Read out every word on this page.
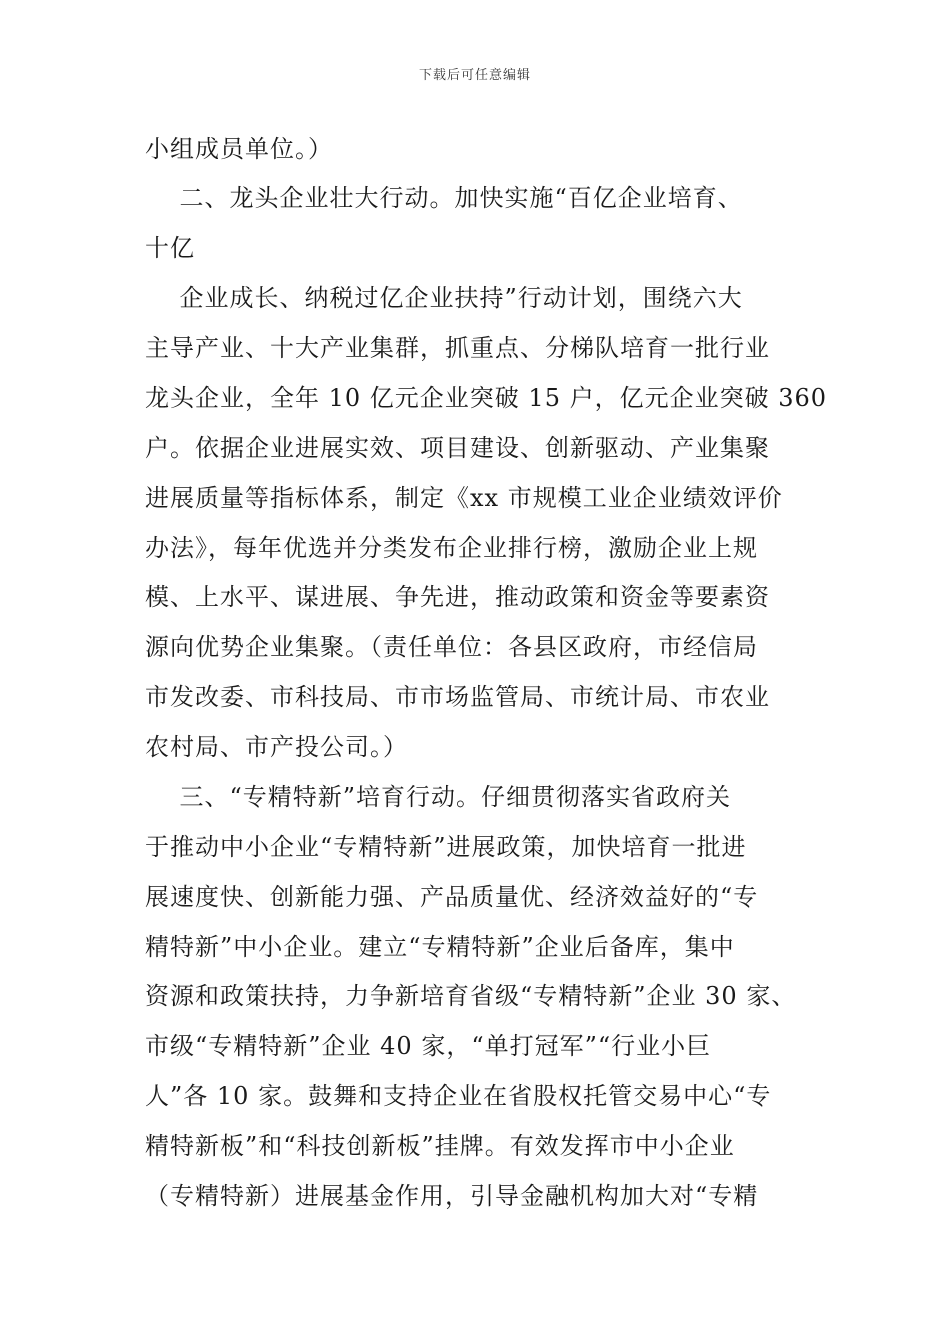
下载后可任意编辑
小组成员单位。）
二、龙头企业壮大行动。加快实施“百亿企业培育、
十亿
企业成长、纳税过亿企业扶持”行动计划，围绕六大
主导产业、十大产业集群，抓重点、分梯队培育一批行业
龙头企业，全年 10 亿元企业突破 15 户，亿元企业突破 360
户。依据企业进展实效、项目建设、创新驱动、产业集聚
进展质量等指标体系，制定《xx 市规模工业企业绩效评价
办法》，每年优选并分类发布企业排行榜，激励企业上规
模、上水平、谋进展、争先进，推动政策和资金等要素资
源向优势企业集聚。（责任单位：各县区政府，市经信局
市发改委、市科技局、市市场监管局、市统计局、市农业
农村局、市产投公司。）
三、“专精特新”培育行动。仔细贯彻落实省政府关
于推动中小企业“专精特新”进展政策，加快培育一批进
展速度快、创新能力强、产品质量优、经济效益好的“专
精特新”中小企业。建立“专精特新”企业后备库，集中
资源和政策扶持，力争新培育省级“专精特新”企业 30 家、
市级“专精特新”企业 40 家，“单打冠军”“行业小巨
人”各 10 家。鼓舞和支持企业在省股权托管交易中心“专
精特新板”和“科技创新板”挂牌。有效发挥市中小企业
（专精特新）进展基金作用，引导金融机构加大对“专精
